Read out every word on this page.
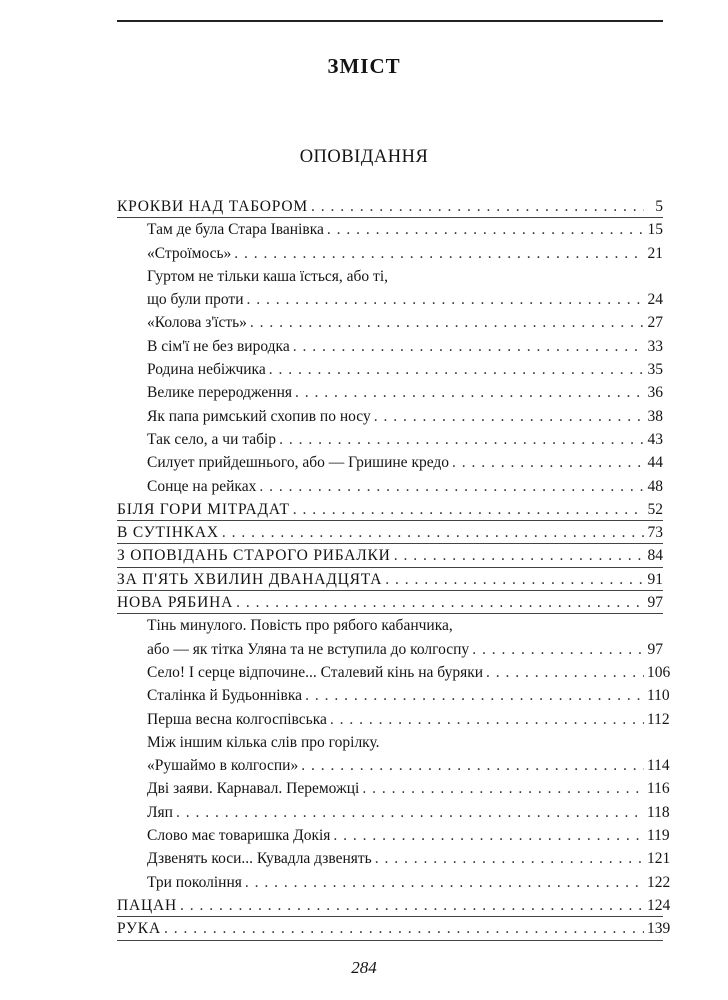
ЗМІСТ
ОПОВІДАННЯ
КРОКВИ НАД ТАБОРОМ . . .	5
Там де була Стара Іванівка . . .	15
«Строїмось» . . .	21
Гуртом не тільки каша їсться, або ті,
що були проти . . .	24
«Колова з'їсть» . . .	27
В сім'ї не без виродка . . .	33
Родина небіжчика . . .	35
Велике переродження . . .	36
Як папа римський схопив по носу . . .	38
Так село, а чи табір . . .	43
Силует прийдешнього, або — Гришине кредо . . .	44
Сонце на рейках . . .	48
БІЛЯ ГОРИ МІТРАДАТ . . .	52
В СУТІНКАХ . . .	73
З ОПОВІДАНЬ СТАРОГО РИБАЛКИ . . .	84
ЗА П'ЯТЬ ХВИЛИН ДВАНАДЦЯТА . . .	91
НОВА РЯБИНА . . .	97
Тінь минулого. Повість про рябого кабанчика,
або — як тітка Уляна та не вступила до колгоспу . . .	97
Село! І серце відпочине... Сталевий кінь на буряки . . .	106
Сталінка й Будьоннівка . . .	110
Перша весна колгоспівська . . .	112
Між іншим кілька слів про горілку.
«Рушаймо в колгоспи» . . .	114
Дві заяви. Карнавал. Переможці . . .	116
Ляп . . .	118
Слово має товаришка Докія . . .	119
Дзвенять коси... Кувадла дзвенять . . .	121
Три покоління . . .	122
ПАЦАН . . .	124
РУКА . . .	139
284
